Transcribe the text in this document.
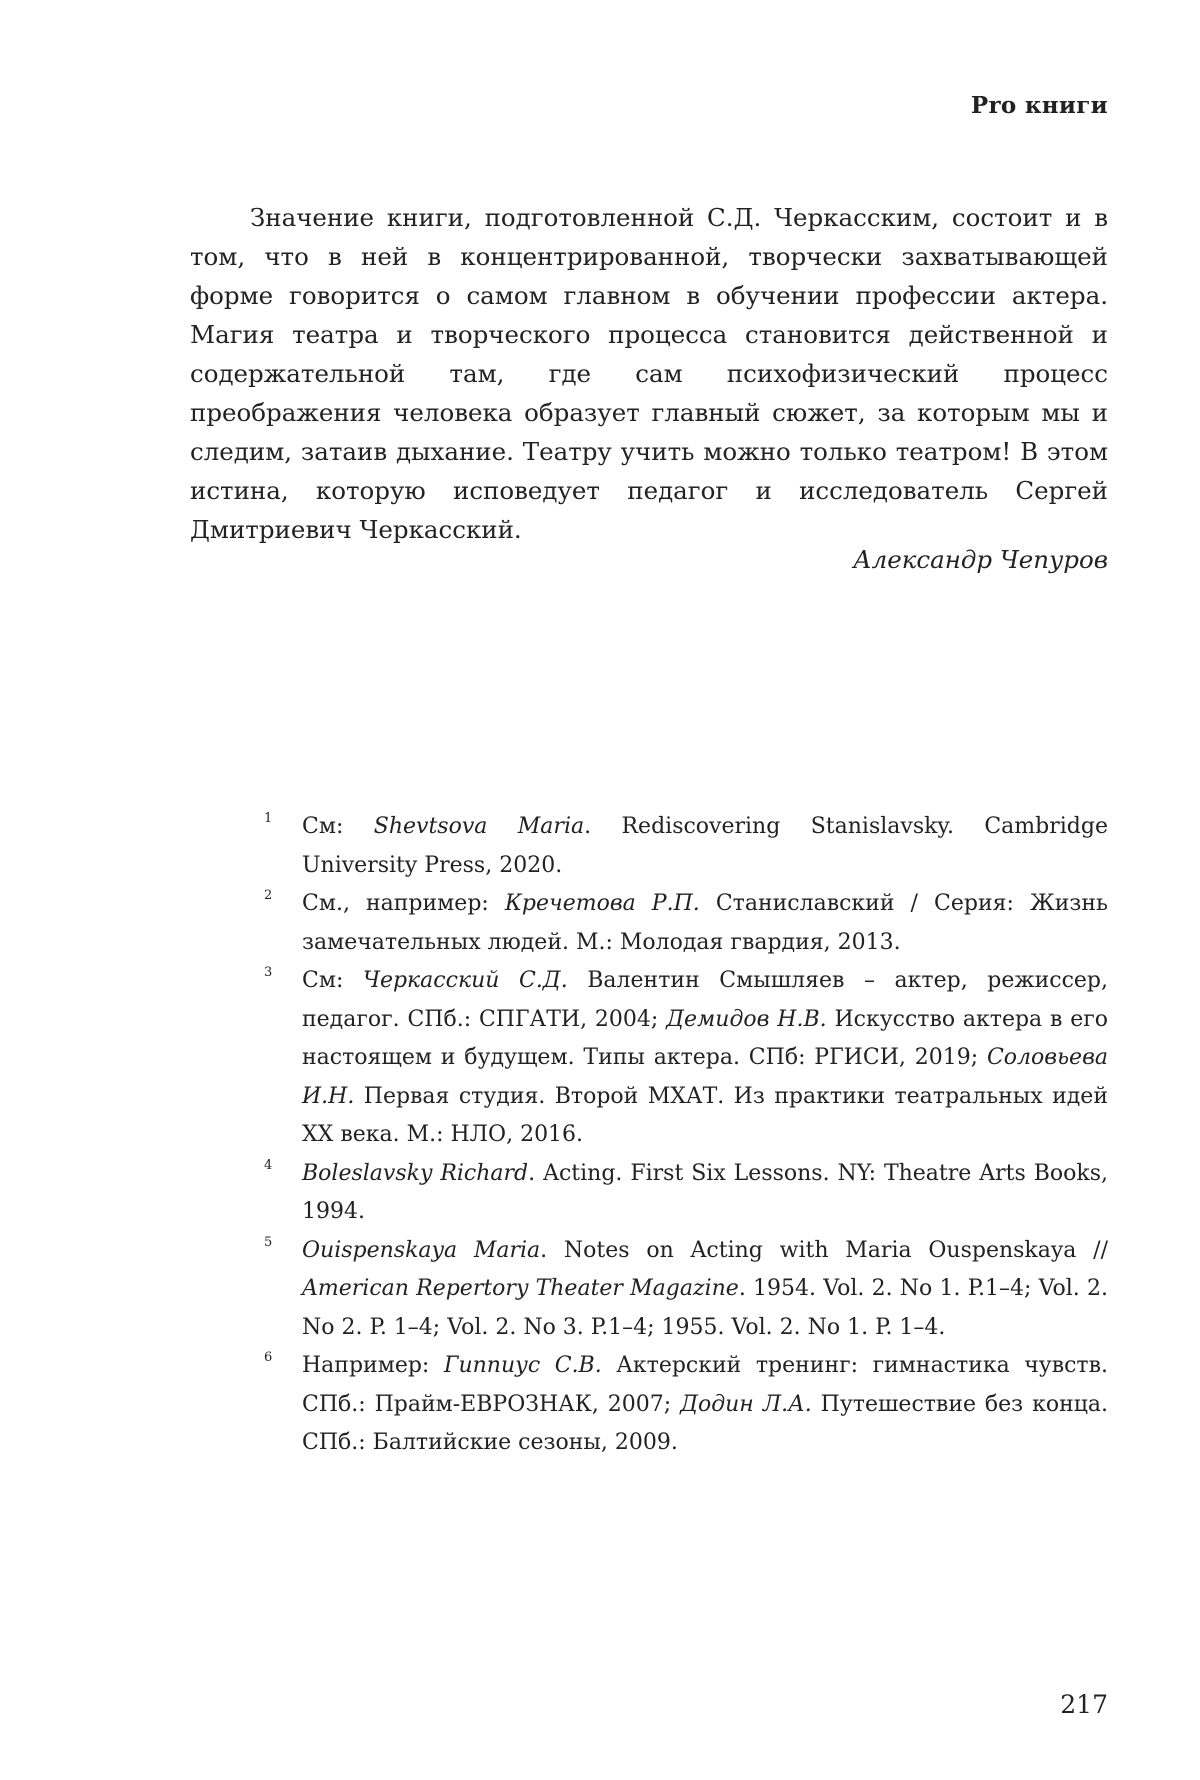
Pro книги

Значение книги, подготовленной С.Д. Черкасским, состоит и в том, что в ней в концентрированной, творчески захватывающей форме говорится о самом главном в обучении профессии актера. Магия театра и творческого процесса становится действенной и содержательной там, где сам психофизический процесс преображения человека образует главный сюжет, за которым мы и следим, затаив дыхание. Театру учить можно только театром! В этом истина, которую исповедует педагог и исследователь Сергей Дмитриевич Черкасский.

Александр Чепуров
1 См: Shevtsova Maria. Rediscovering Stanislavsky. Cambridge University Press, 2020.
2 См., например: Кречетова Р.П. Станиславский / Серия: Жизнь замечательных людей. М.: Молодая гвардия, 2013.
3 См: Черкасский С.Д. Валентин Смышляев – актер, режиссер, педагог. СПб.: СПГАТИ, 2004; Демидов Н.В. Искусство актера в его настоящем и будущем. Типы актера. СПб: РГИСИ, 2019; Соловьева И.Н. Первая студия. Второй МХАТ. Из практики театральных идей XX века. М.: НЛО, 2016.
4 Boleslavsky Richard. Acting. First Six Lessons. NY: Theatre Arts Books, 1994.
5 Ouispenskaya Maria. Notes on Acting with Maria Ouspenskaya // American Repertory Theater Magazine. 1954. Vol. 2. No 1. P.1–4; Vol. 2. No 2. P. 1–4; Vol. 2. No 3. P.1–4; 1955. Vol. 2. No 1. P. 1–4.
6 Например: Гиппиус С.В. Актерский тренинг: гимнастика чувств. СПб.: Прайм-ЕВРОЗНАК, 2007; Додин Л.А. Путешествие без конца. СПб.: Балтийские сезоны, 2009.
217
